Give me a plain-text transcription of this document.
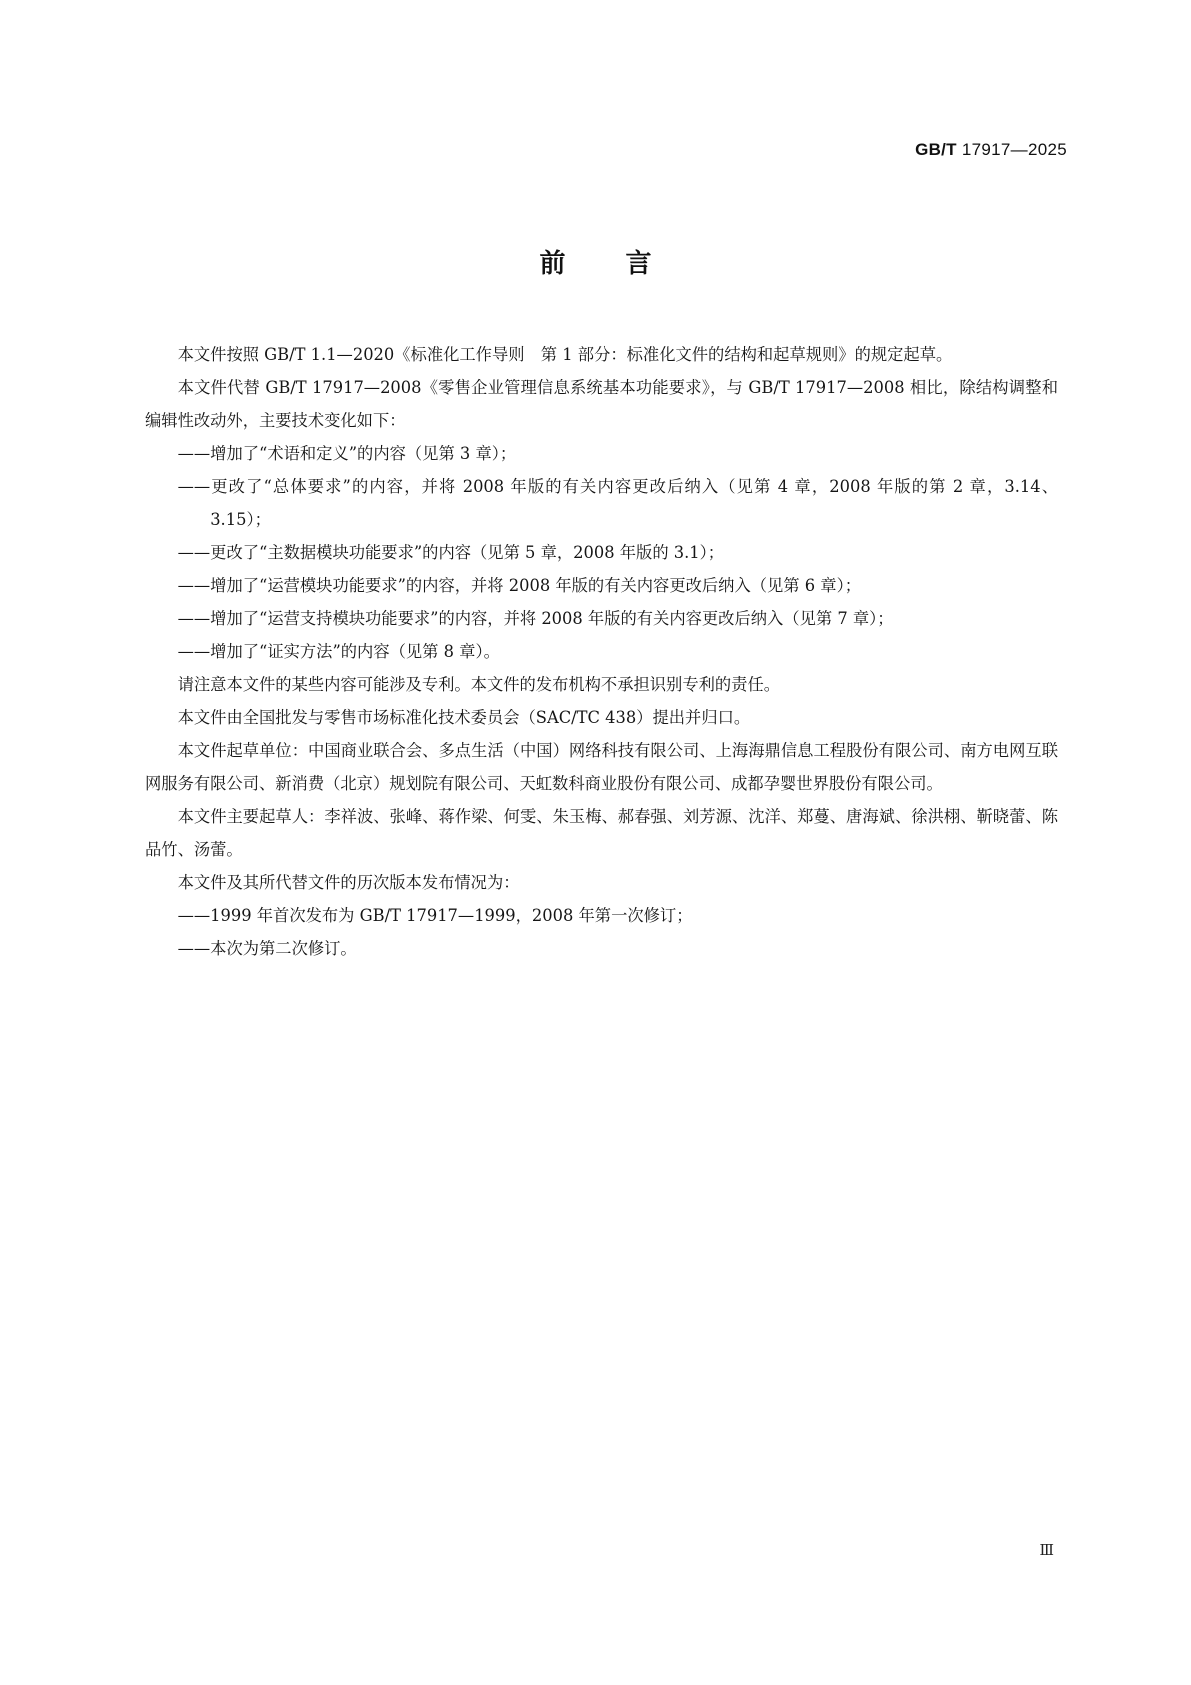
GB/T 17917—2025
前言

本文件按照 GB/T 1.1—2020《标准化工作导则　第 1 部分：标准化文件的结构和起草规则》的规定起草。

本文件代替 GB/T 17917—2008《零售企业管理信息系统基本功能要求》，与 GB/T 17917—2008 相比，除结构调整和编辑性改动外，主要技术变化如下：

——增加了“术语和定义”的内容（见第 3 章）；

——更改了“总体要求”的内容，并将 2008 年版的有关内容更改后纳入（见第 4 章，2008 年版的第 2 章，3.14、3.15）；

——更改了“主数据模块功能要求”的内容（见第 5 章，2008 年版的 3.1）；

——增加了“运营模块功能要求”的内容，并将 2008 年版的有关内容更改后纳入（见第 6 章）；

——增加了“运营支持模块功能要求”的内容，并将 2008 年版的有关内容更改后纳入（见第 7 章）；

——增加了“证实方法”的内容（见第 8 章）。

请注意本文件的某些内容可能涉及专利。本文件的发布机构不承担识别专利的责任。

本文件由全国批发与零售市场标准化技术委员会（SAC/TC 438）提出并归口。

本文件起草单位：中国商业联合会、多点生活（中国）网络科技有限公司、上海海鼎信息工程股份有限公司、南方电网互联网服务有限公司、新消费（北京）规划院有限公司、天虹数科商业股份有限公司、成都孕婴世界股份有限公司。

本文件主要起草人：李祥波、张峰、蒋作梁、何雯、朱玉梅、郝春强、刘芳源、沈洋、郑蔓、唐海斌、徐洪栩、靳晓蕾、陈品竹、汤蕾。

本文件及其所代替文件的历次版本发布情况为：

——1999 年首次发布为 GB/T 17917—1999，2008 年第一次修订；

——本次为第二次修订。

Ⅲ
